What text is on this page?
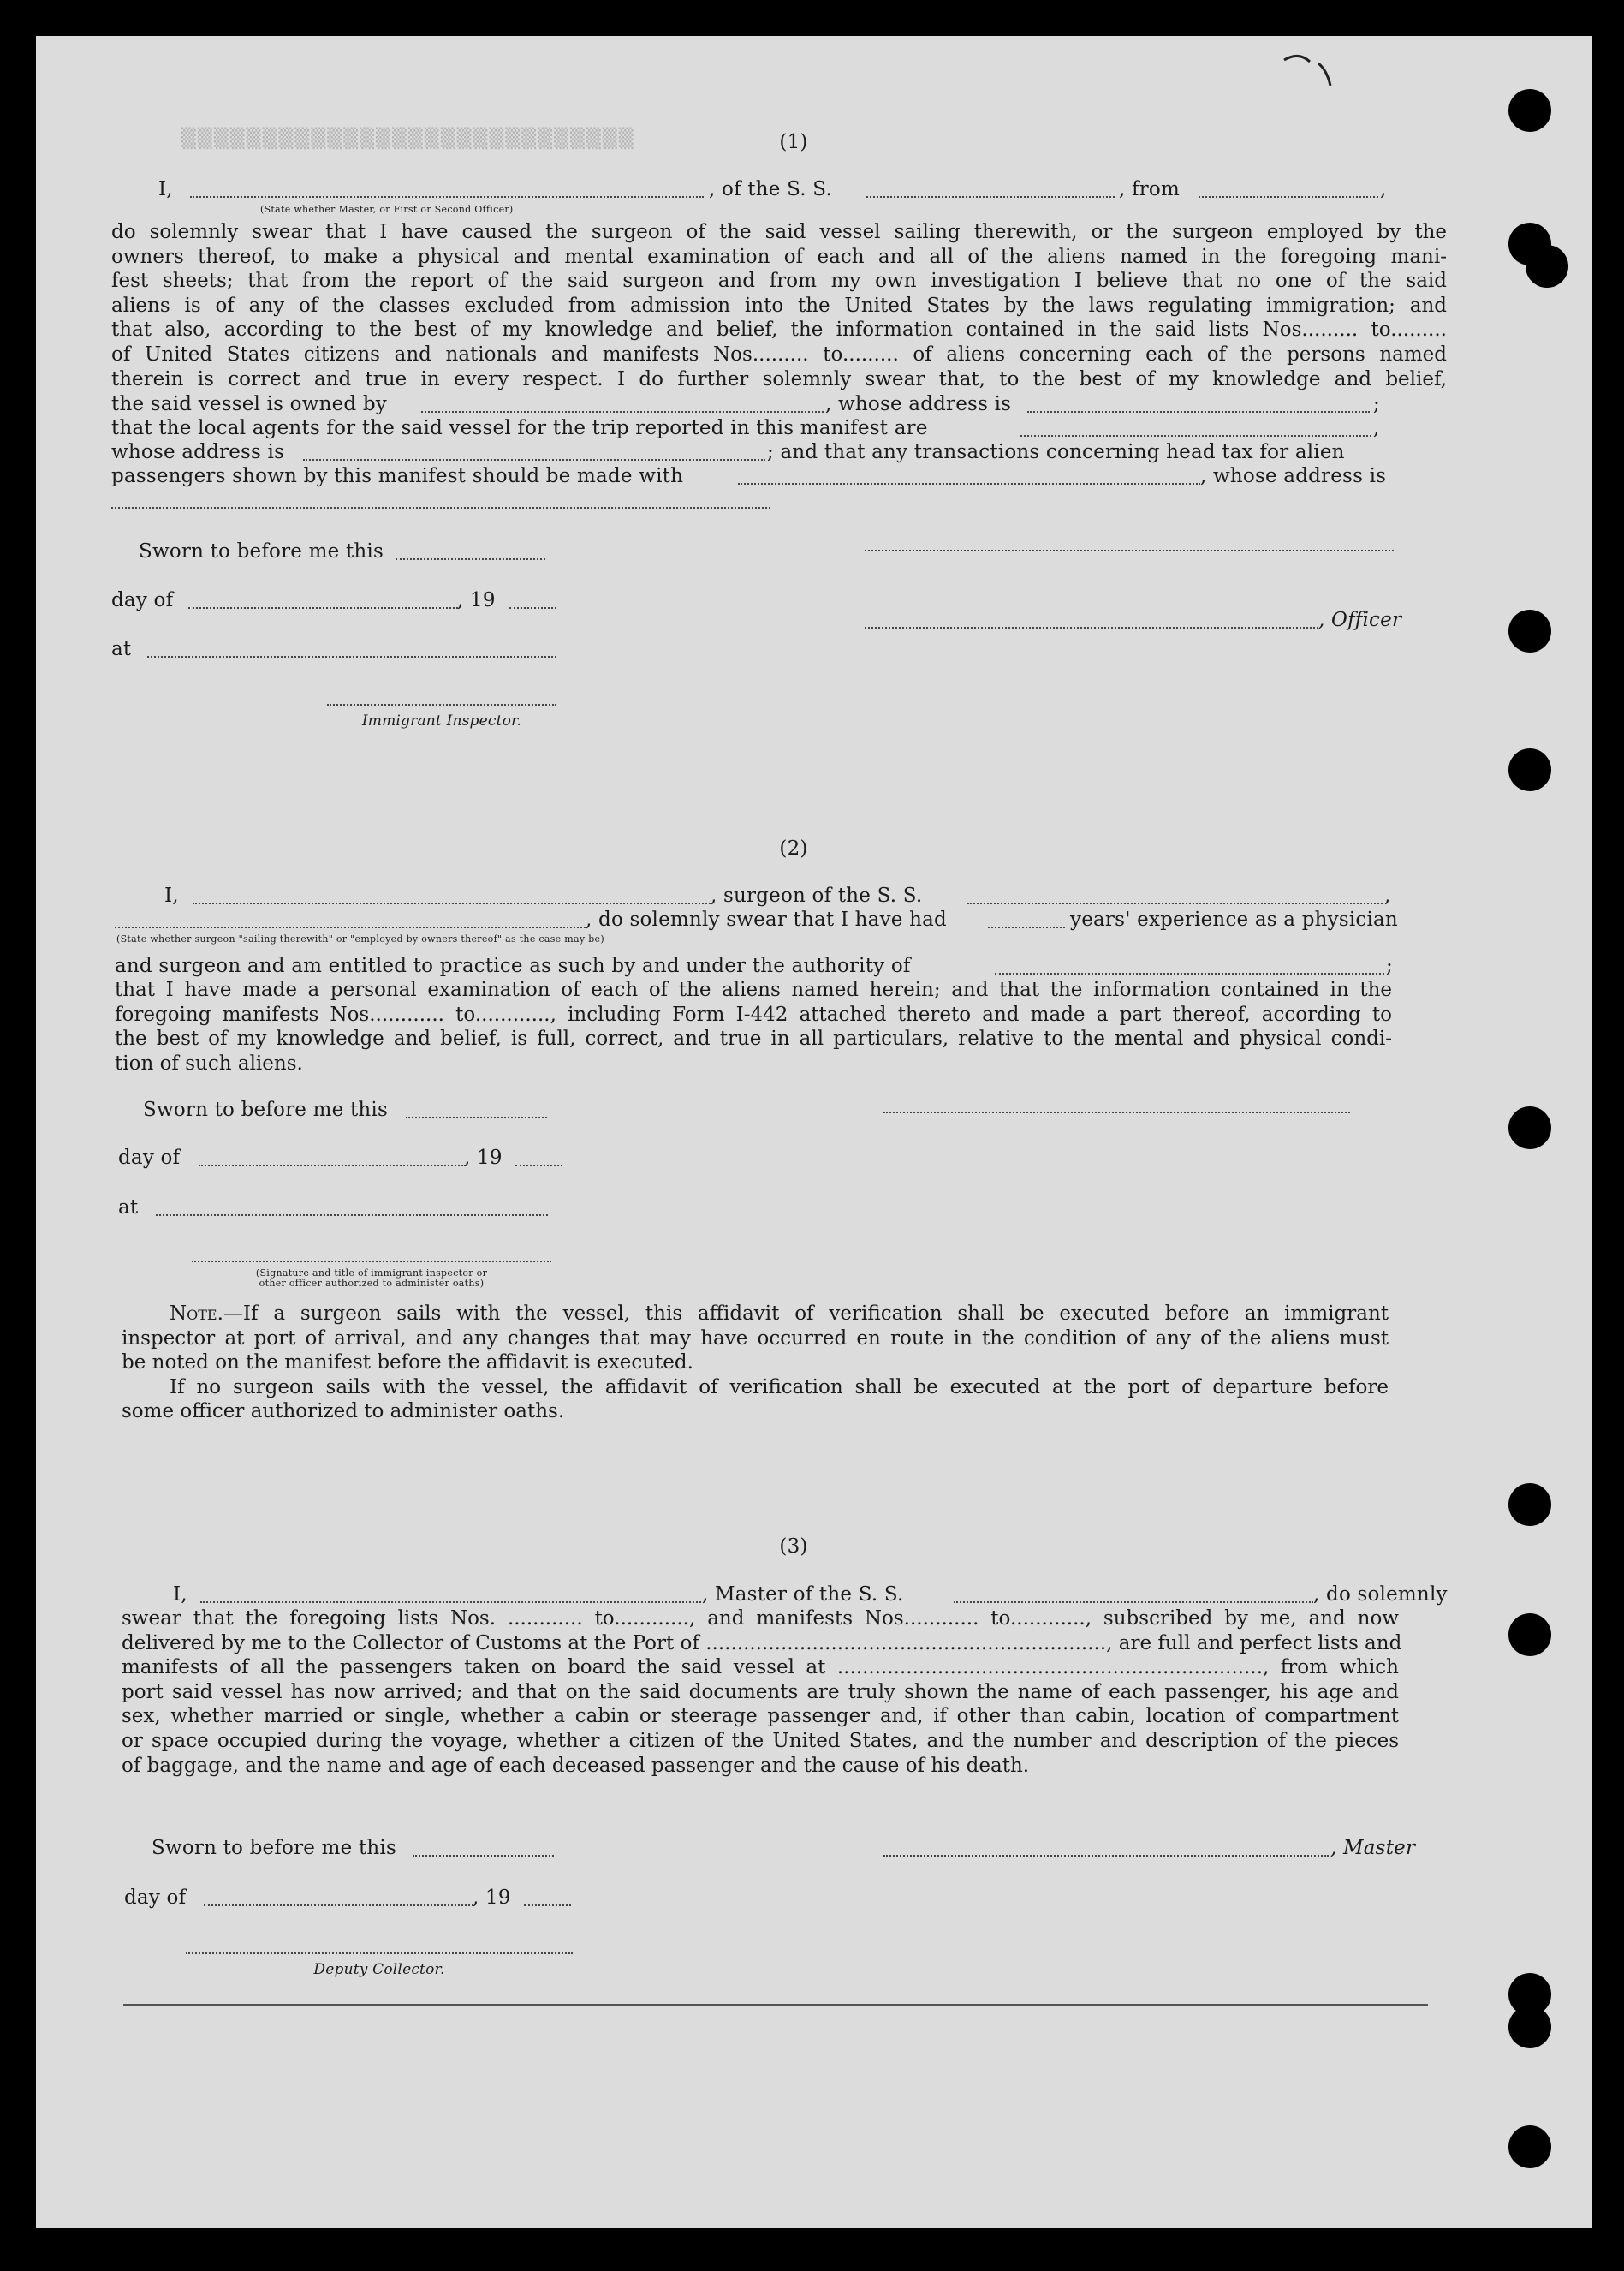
▒▒▒▒▒▒▒▒▒▒▒▒▒▒▒▒▒▒▒▒▒▒▒▒▒▒▒▒	(1)
I,	, of the S. S.	, from	,
(State whether Master, or First or Second Officer)
do solemnly swear that I have caused the surgeon of the said vessel sailing therewith, or the surgeon employed by the
owners thereof, to make a physical and mental examination of each and all of the aliens named in the foregoing mani-
fest sheets; that from the report of the said surgeon and from my own investigation I believe that no one of the said
aliens is of any of the classes excluded from admission into the United States by the laws regulating immigration; and
that also, according to the best of my knowledge and belief, the information contained in the said lists Nos......... to.........
of United States citizens and nationals and manifests Nos......... to......... of aliens concerning each of the persons named
therein is correct and true in every respect. I do further solemnly swear that, to the best of my knowledge and belief,
the said vessel is owned by	, whose address is	;
that the local agents for the said vessel for the trip reported in this manifest are	,
whose address is	; and that any transactions concerning head tax for alien
passengers shown by this manifest should be made with	, whose address is
Sworn to before me this
day of	, 19
, Officer
at
Immigrant Inspector.
(2)
I,	, surgeon of the S. S.	,
, do solemnly swear that I have had	years' experience as a physician
(State whether surgeon "sailing therewith" or "employed by owners thereof" as the case may be)
and surgeon and am entitled to practice as such by and under the authority of	;
that I have made a personal examination of each of the aliens named herein; and that the information contained in the
foregoing manifests Nos............ to............, including Form I-442 attached thereto and made a part thereof, according to
the best of my knowledge and belief, is full, correct, and true in all particulars, relative to the mental and physical condi-
tion of such aliens.
Sworn to before me this
day of	, 19
at
(Signature and title of immigrant inspector or
other officer authorized to administer oaths)
Note.—If a surgeon sails with the vessel, this affidavit of verification shall be executed before an immigrant
inspector at port of arrival, and any changes that may have occurred en route in the condition of any of the aliens must
be noted on the manifest before the affidavit is executed.
If no surgeon sails with the vessel, the affidavit of verification shall be executed at the port of departure before
some officer authorized to administer oaths.
(3)
I,	, Master of the S. S.	, do solemnly
swear that the foregoing lists Nos. ............ to............, and manifests Nos............ to............, subscribed by me, and now
delivered by me to the Collector of Customs at the Port of ................................................................, are full and perfect lists and
manifests of all the passengers taken on board the said vessel at ...................................................................., from which
port said vessel has now arrived; and that on the said documents are truly shown the name of each passenger, his age and
sex, whether married or single, whether a cabin or steerage passenger and, if other than cabin, location of compartment
or space occupied during the voyage, whether a citizen of the United States, and the number and description of the pieces
of baggage, and the name and age of each deceased passenger and the cause of his death.
Sworn to before me this	, Master
day of	, 19
Deputy Collector.
